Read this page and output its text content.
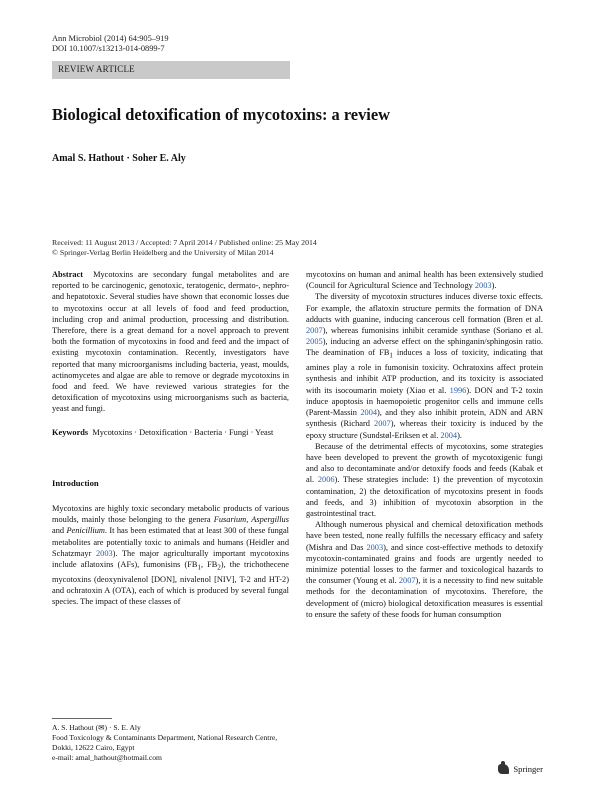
Ann Microbiol (2014) 64:905–919
DOI 10.1007/s13213-014-0899-7
REVIEW ARTICLE
Biological detoxification of mycotoxins: a review
Amal S. Hathout · Soher E. Aly
Received: 11 August 2013 / Accepted: 7 April 2014 / Published online: 25 May 2014
© Springer-Verlag Berlin Heidelberg and the University of Milan 2014

Abstract Mycotoxins are secondary fungal metabolites and are reported to be carcinogenic, genotoxic, teratogenic, dermato-, nephro- and hepatotoxic. Several studies have shown that economic losses due to mycotoxins occur at all levels of food and feed production, including crop and animal production, processing and distribution. Therefore, there is a great demand for a novel approach to prevent both the formation of mycotoxins in food and feed and the impact of existing mycotoxin contamination. Recently, investigators have reported that many microorganisms including bacteria, yeast, moulds, actinomycetes and algae are able to remove or degrade mycotoxins in food and feed. We have reviewed various strategies for the detoxification of mycotoxins using microorganisms such as bacteria, yeast and fungi.

Keywords Mycotoxins · Detoxification · Bacteria · Fungi · Yeast

Introduction

Mycotoxins are highly toxic secondary metabolic products of various moulds, mainly those belonging to the genera Fusarium, Aspergillus and Penicillium. It has been estimated that at least 300 of these fungal metabolites are potentially toxic to animals and humans (Heidler and Schatzmayr 2003). The major agriculturally important mycotoxins include aflatoxins (AFs), fumonisins ($FB_1$, $FB_2$), the trichothecene mycotoxins (deoxynivalenol [DON], nivalenol [NIV], T-2 and HT-2) and ochratoxin A (OTA), each of which is produced by several fungal species. The impact of these classes of

A. S. Hathout (✉) · S. E. Aly
Food Toxicology & Contaminants Department, National Research Centre, Dokki, 12622 Cairo, Egypt
e-mail: amal_hathout@hotmail.com

mycotoxins on human and animal health has been extensively studied (Council for Agricultural Science and Technology 2003).

The diversity of mycotoxin structures induces diverse toxic effects. For example, the aflatoxin structure permits the formation of DNA adducts with guanine, inducing cancerous cell formation (Bren et al. 2007), whereas fumonisins inhibit ceramide synthase (Soriano et al. 2005), inducing an adverse effect on the sphinganin/sphingosin ratio. The deamination of $FB_1$ induces a loss of toxicity, indicating that amines play a role in fumonisin toxicity. Ochratoxins affect protein synthesis and inhibit ATP production, and its toxicity is associated with its isocoumarin moiety (Xiao et al. 1996). DON and T-2 toxin induce apoptosis in haemopoietic progenitor cells and immune cells (Parent-Massin 2004), and they also inhibit protein, ADN and ARN synthesis (Richard 2007), whereas their toxicity is induced by the epoxy structure (Sundstøl-Eriksen et al. 2004).

Because of the detrimental effects of mycotoxins, some strategies have been developed to prevent the growth of mycotoxigenic fungi and also to decontaminate and/or detoxify foods and feeds (Kabak et al. 2006). These strategies include: 1) the prevention of mycotoxin contamination, 2) the detoxification of mycotoxins present in foods and feeds, and 3) inhibition of mycotoxin absorption in the gastrointestinal tract.

Although numerous physical and chemical detoxification methods have been tested, none really fulfills the necessary efficacy and safety (Mishra and Das 2003), and since cost-effective methods to detoxify mycotoxin-contaminated grains and foods are urgently needed to minimize potential losses to the farmer and toxicological hazards to the consumer (Young et al. 2007), it is a necessity to find new suitable methods for the decontamination of mycotoxins. Therefore, the development of (micro) biological detoxification measures is essential to ensure the safety of these foods for human consumption

Springer
